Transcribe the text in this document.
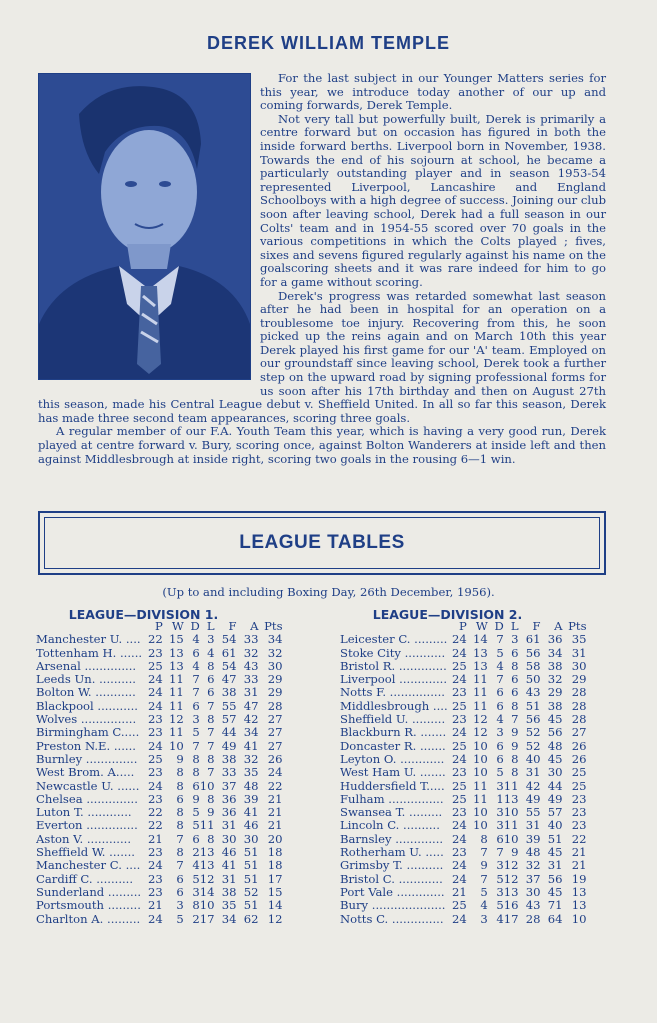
DEREK WILLIAM TEMPLE

For the last subject in our Younger Matters series for this year, we introduce today another of our up and coming forwards, Derek Temple.

Not very tall but powerfully built, Derek is primarily a centre forward but on occasion has figured in both the inside forward berths. Liverpool born in November, 1938. Towards the end of his sojourn at school, he became a particularly outstanding player and in season 1953-54 represented Liverpool, Lancashire and England Schoolboys with a high degree of success. Joining our club soon after leaving school, Derek had a full season in our Colts' team and in 1954-55 scored over 70 goals in the various competitions in which the Colts played ; fives, sixes and sevens figured regularly against his name on the goalscoring sheets and it was rare indeed for him to go for a game without scoring.

Derek's progress was retarded somewhat last season after he had been in hospital for an operation on a troublesome toe injury. Recovering from this, he soon picked up the reins again and on March 10th this year Derek played his first game for our 'A' team. Employed on our groundstaff since leaving school, Derek took a further step on the upward road by signing professional forms for us soon after his 17th birthday and then on August 27th this season, made his Central League debut v. Sheffield United. In all so far this season, Derek has made three second team appearances, scoring three goals.

A regular member of our F.A. Youth Team this year, which is having a very good run, Derek played at centre forward v. Bury, scoring once, against Bolton Wanderers at inside left and then against Middlesbrough at inside right, scoring two goals in the rousing 6—1 win.

LEAGUE TABLES
(Up to and including Boxing Day, 26th December, 1956).
LEAGUE—DIVISION 1.
	P	W	D	L	F	A	Pts
Manchester U. ....	22	15	4	3	54	33	34
Tottenham H. ......	23	13	6	4	61	32	32
Arsenal ..............	25	13	4	8	54	43	30
Leeds Un. ..........	24	11	7	6	47	33	29
Bolton W. ...........	24	11	7	6	38	31	29
Blackpool ...........	24	11	6	7	55	47	28
Wolves ...............	23	12	3	8	57	42	27
Birmingham C.....	23	11	5	7	44	34	27
Preston N.E. ......	24	10	7	7	49	41	27
Burnley ..............	25	9	8	8	38	32	26
West Brom. A.....	23	8	8	7	33	35	24
Newcastle U. ......	24	8	6	10	37	48	22
Chelsea ..............	23	6	9	8	36	39	21
Luton T. ............	22	8	5	9	36	41	21
Everton ..............	22	8	5	11	31	46	21
Aston V. ............	21	7	6	8	30	30	20
Sheffield W. .......	23	8	2	13	46	51	18
Manchester C. ....	24	7	4	13	41	51	18
Cardiff C. ..........	23	6	5	12	31	51	17
Sunderland .........	23	6	3	14	38	52	15
Portsmouth .........	21	3	8	10	35	51	14
Charlton A. .........	24	5	2	17	34	62	12
LEAGUE—DIVISION 2.
	P	W	D	L	F	A	Pts
Leicester C. .........	24	14	7	3	61	36	35
Stoke City ...........	24	13	5	6	56	34	31
Bristol R. .............	25	13	4	8	58	38	30
Liverpool .............	24	11	7	6	50	32	29
Notts F. ...............	23	11	6	6	43	29	28
Middlesbrough ....	25	11	6	8	51	38	28
Sheffield U. .........	23	12	4	7	56	45	28
Blackburn R. .......	24	12	3	9	52	56	27
Doncaster R. .......	25	10	6	9	52	48	26
Leyton O. ............	24	10	6	8	40	45	26
West Ham U. .......	23	10	5	8	31	30	25
Huddersfield T.....	25	11	3	11	42	44	25
Fulham ...............	25	11	1	13	49	49	23
Swansea T. .........	23	10	3	10	55	57	23
Lincoln C. ..........	24	10	3	11	31	40	23
Barnsley .............	24	8	6	10	39	51	22
Rotherham U. .....	23	7	7	9	48	45	21
Grimsby T. ..........	24	9	3	12	32	31	21
Bristol C. ............	24	7	5	12	37	56	19
Port Vale .............	21	5	3	13	30	45	13
Bury ....................	25	4	5	16	43	71	13
Notts C. ..............	24	3	4	17	28	64	10
